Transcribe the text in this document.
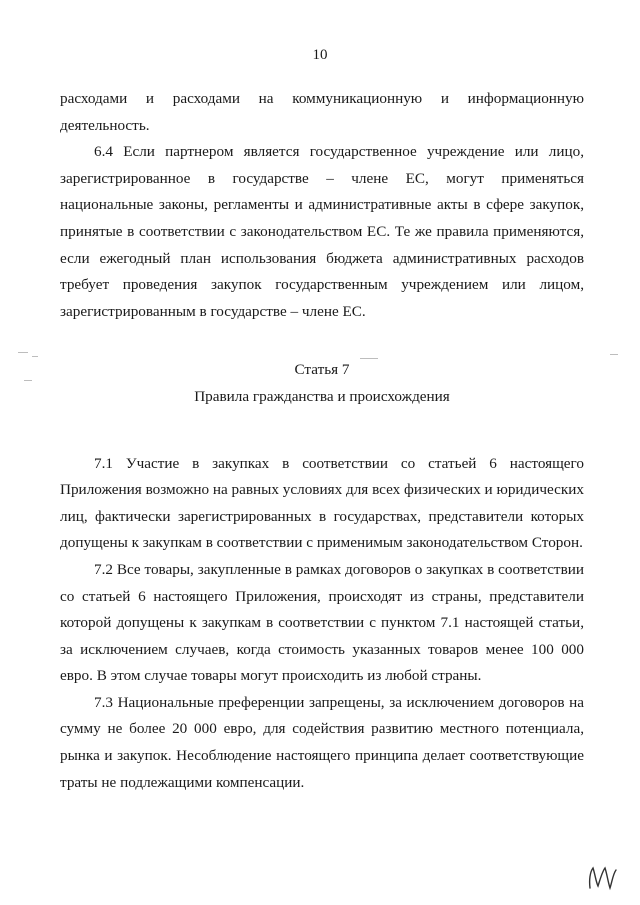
10

расходами и расходами на коммуникационную и информационную деятельность.

6.4 Если партнером является государственное учреждение или лицо, зарегистрированное в государстве – члене ЕС, могут применяться национальные законы, регламенты и административные акты в сфере закупок, принятые в соответствии с законодательством ЕС. Те же правила применяются, если ежегодный план использования бюджета административных расходов требует проведения закупок государственным учреждением или лицом, зарегистрированным в государстве – члене ЕС.

Статья 7

Правила гражданства и происхождения

7.1 Участие в закупках в соответствии со статьей 6 настоящего Приложения возможно на равных условиях для всех физических и юридических лиц, фактически зарегистрированных в государствах, представители которых допущены к закупкам в соответствии с применимым законодательством Сторон.

7.2 Все товары, закупленные в рамках договоров о закупках в соответствии со статьей 6 настоящего Приложения, происходят из страны, представители которой допущены к закупкам в соответствии с пунктом 7.1 настоящей статьи, за исключением случаев, когда стоимость указанных товаров менее 100 000 евро. В этом случае товары могут происходить из любой страны.

7.3 Национальные преференции запрещены, за исключением договоров на сумму не более 20 000 евро, для содействия развитию местного потенциала, рынка и закупок. Несоблюдение настоящего принципа делает соответствующие траты не подлежащими компенсации.
